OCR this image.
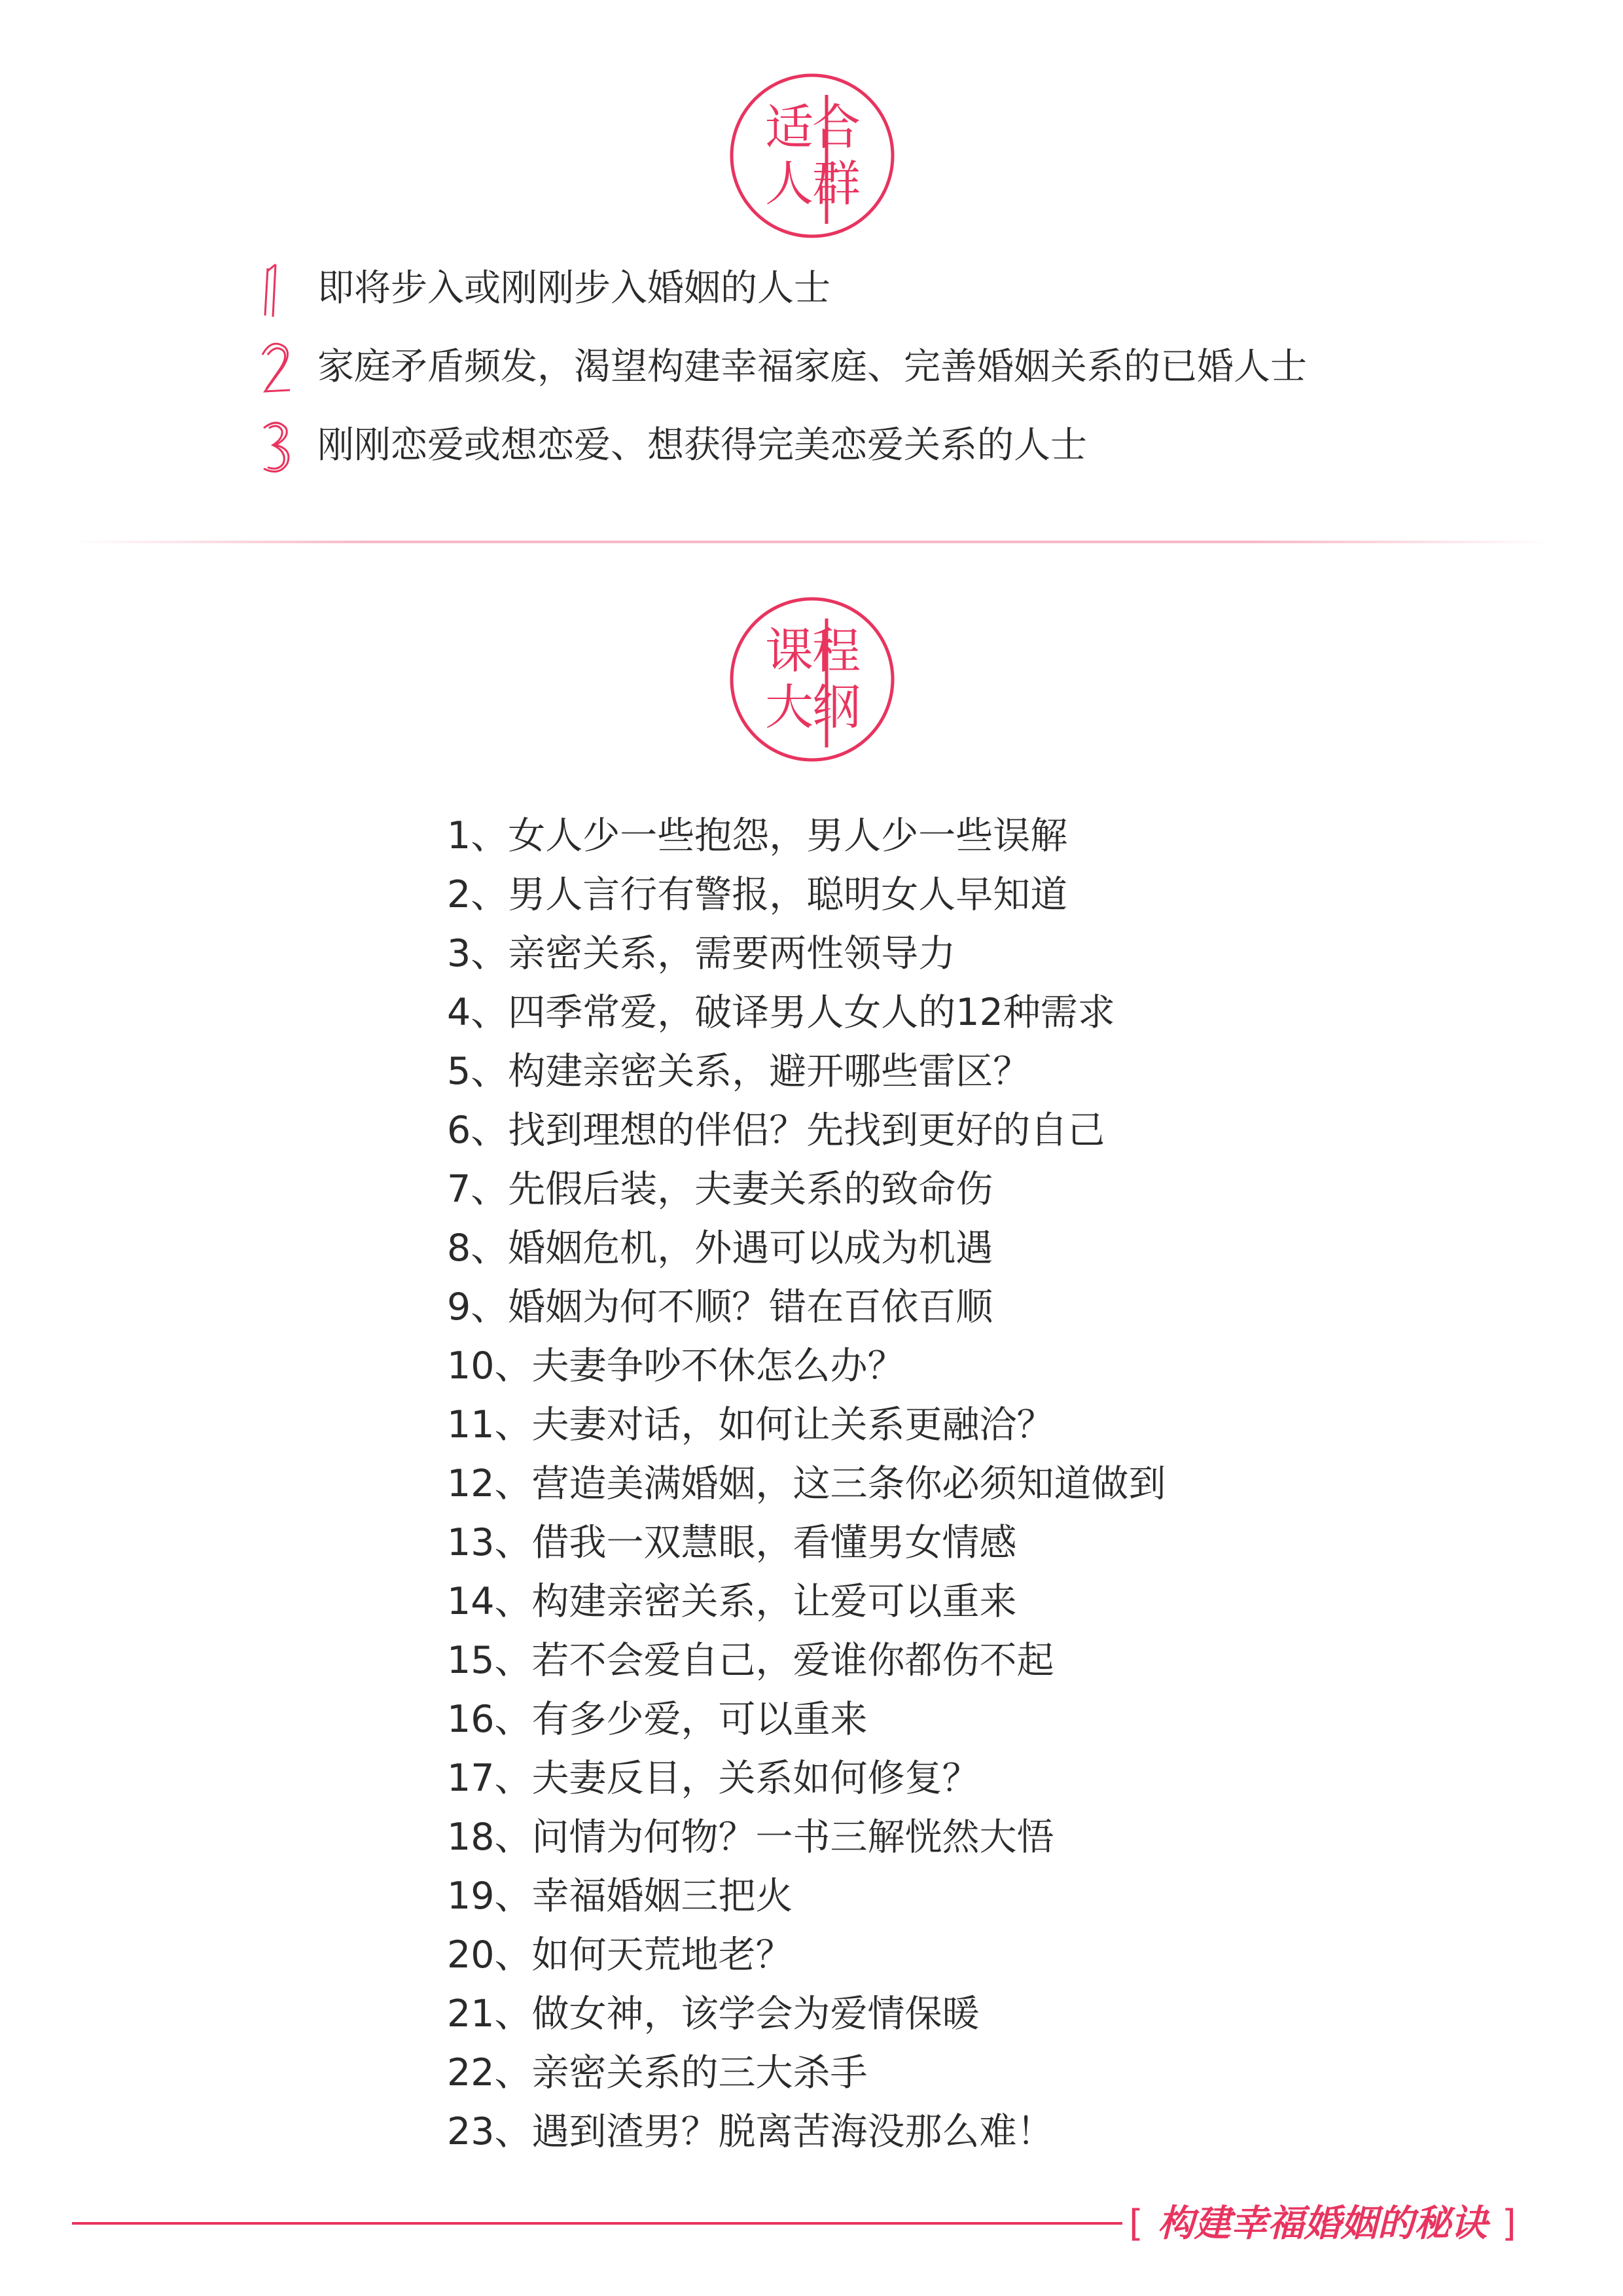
适合
人群
即将步入或刚刚步入婚姻的人士
家庭矛盾频发，渴望构建幸福家庭、完善婚姻关系的已婚人士
刚刚恋爱或想恋爱、想获得完美恋爱关系的人士
课程
大纲
1、女人少一些抱怨，男人少一些误解
2、男人言行有警报，聪明女人早知道
3、亲密关系，需要两性领导力
4、四季常爱，破译男人女人的12种需求
5、构建亲密关系，避开哪些雷区？
6、找到理想的伴侣？先找到更好的自己
7、先假后装，夫妻关系的致命伤
8、婚姻危机，外遇可以成为机遇
9、婚姻为何不顺？错在百依百顺
10、夫妻争吵不休怎么办？
11、夫妻对话，如何让关系更融洽？
12、营造美满婚姻，这三条你必须知道做到
13、借我一双慧眼，看懂男女情感
14、构建亲密关系，让爱可以重来
15、若不会爱自己，爱谁你都伤不起
16、有多少爱，可以重来
17、夫妻反目，关系如何修复？
18、问情为何物？一书三解恍然大悟
19、幸福婚姻三把火
20、如何天荒地老？
21、做女神，该学会为爱情保暖
22、亲密关系的三大杀手
23、遇到渣男？脱离苦海没那么难！
[ 构建幸福婚姻的秘诀 ]
